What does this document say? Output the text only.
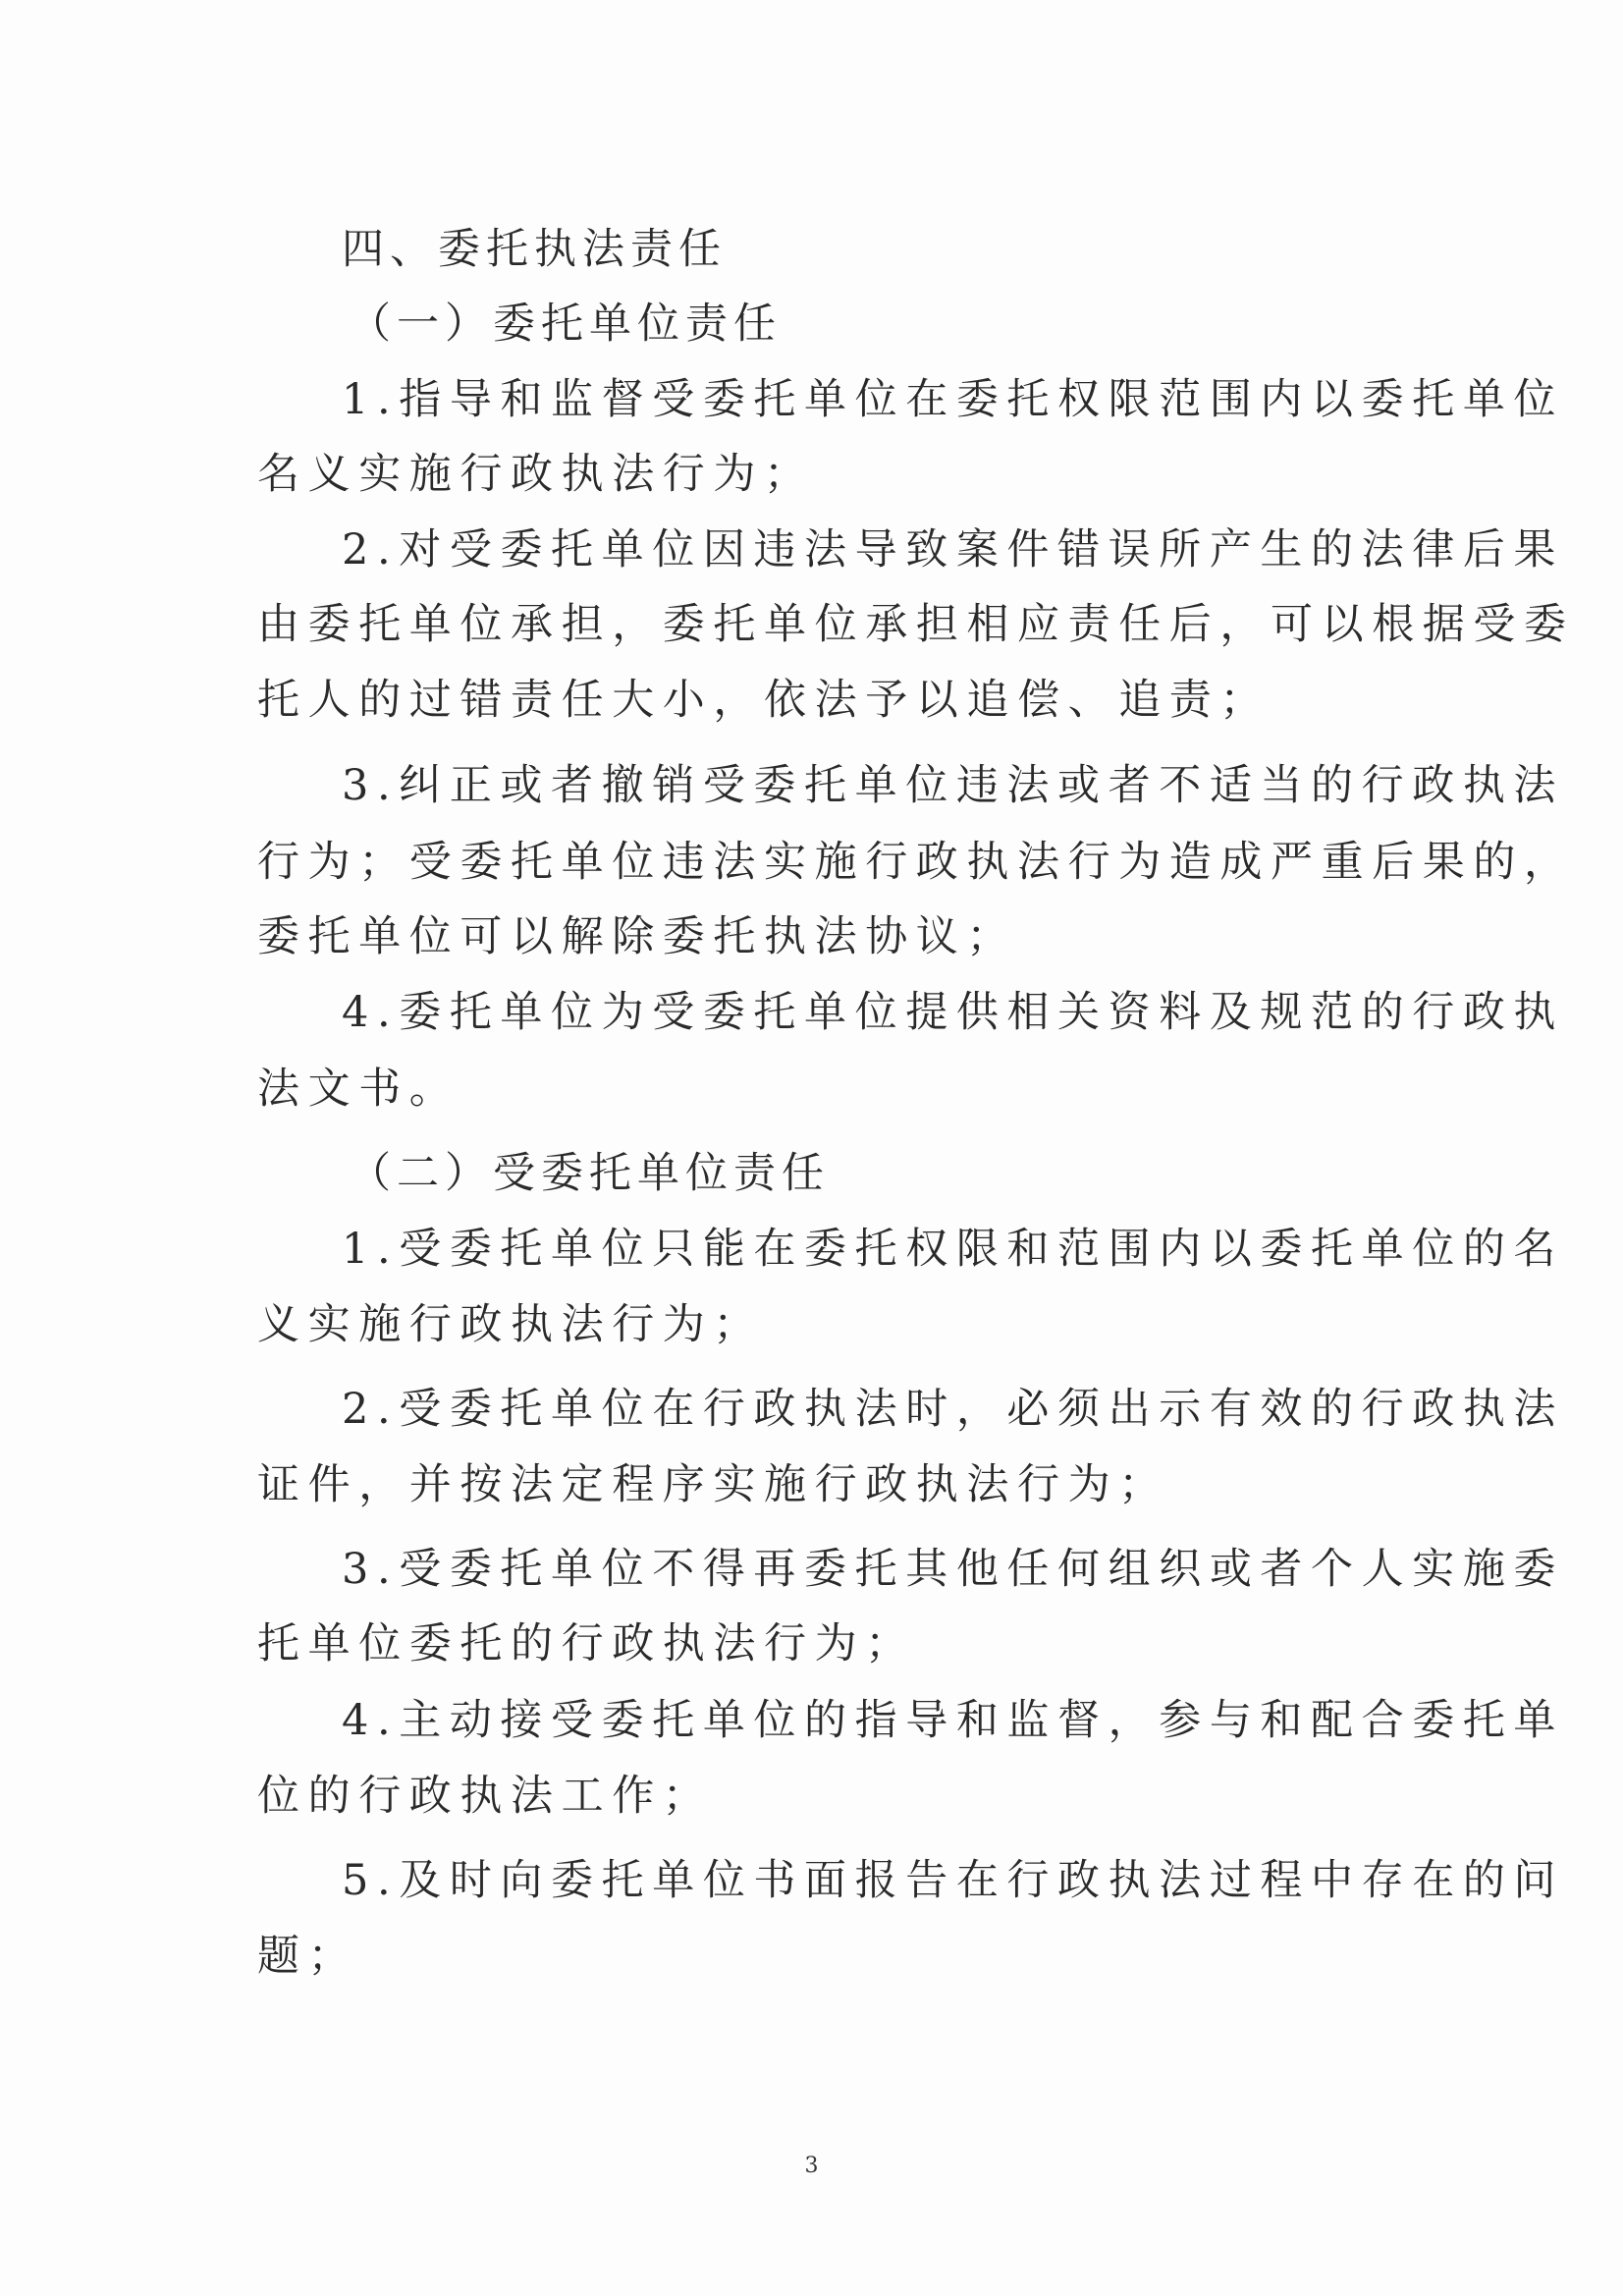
四、委托执法责任
（一）委托单位责任
1.指导和监督受委托单位在委托权限范围内以委托单位
名义实施行政执法行为；
2.对受委托单位因违法导致案件错误所产生的法律后果
由委托单位承担，委托单位承担相应责任后，可以根据受委
托人的过错责任大小，依法予以追偿、追责；
3.纠正或者撤销受委托单位违法或者不适当的行政执法
行为；受委托单位违法实施行政执法行为造成严重后果的，
委托单位可以解除委托执法协议；
4.委托单位为受委托单位提供相关资料及规范的行政执
法文书。
（二）受委托单位责任
1.受委托单位只能在委托权限和范围内以委托单位的名
义实施行政执法行为；
2.受委托单位在行政执法时，必须出示有效的行政执法
证件，并按法定程序实施行政执法行为；
3.受委托单位不得再委托其他任何组织或者个人实施委
托单位委托的行政执法行为；
4.主动接受委托单位的指导和监督，参与和配合委托单
位的行政执法工作；
5.及时向委托单位书面报告在行政执法过程中存在的问
题；
3
